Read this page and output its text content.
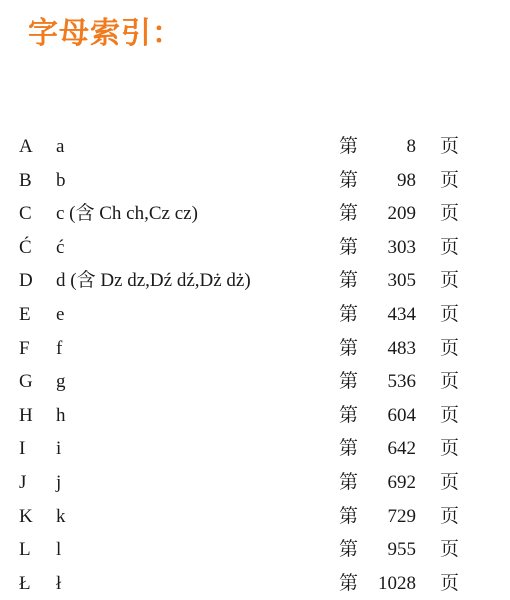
字母索引：
A a	第	8 页
B b	第	98 页
C c (含 Ch ch,Cz cz)	第	209 页
Ć ć	第	303 页
D d (含 Dz dz,Dź dź,Dż dż)	第	305 页
E e	第	434 页
F f	第	483 页
G g	第	536 页
H h	第	604 页
I i	第	642 页
J j	第	692 页
K k	第	729 页
L l	第	955 页
Ł ł	第	1028 页
